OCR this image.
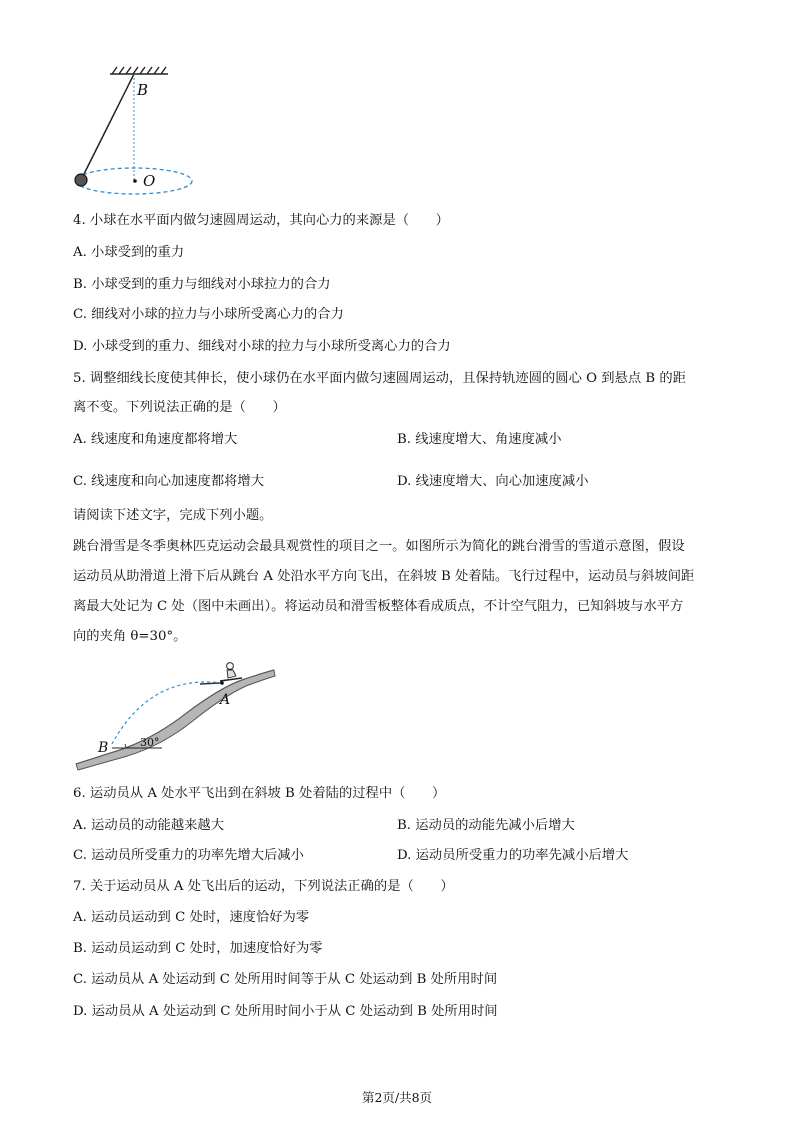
B
O
4. 小球在水平面内做匀速圆周运动，其向心力的来源是（　　）
A. 小球受到的重力
B. 小球受到的重力与细线对小球拉力的合力
C. 细线对小球的拉力与小球所受离心力的合力
D. 小球受到的重力、细线对小球的拉力与小球所受离心力的合力
5. 调整细线长度使其伸长，使小球仍在水平面内做匀速圆周运动，且保持轨迹圆的圆心 O 到悬点 B 的距
离不变。下列说法正确的是（　　）
A. 线速度和角速度都将增大	B. 线速度增大、角速度减小
C. 线速度和向心加速度都将增大	D. 线速度增大、向心加速度减小
请阅读下述文字，完成下列小题。
跳台滑雪是冬季奥林匹克运动会最具观赏性的项目之一。如图所示为简化的跳台滑雪的雪道示意图，假设
运动员从助滑道上滑下后从跳台 A 处沿水平方向飞出，在斜坡 B 处着陆。飞行过程中，运动员与斜坡间距
离最大处记为 C 处（图中未画出）。将运动员和滑雪板整体看成质点，不计空气阻力，已知斜坡与水平方
向的夹角 θ=30°。
A
B	30°
6. 运动员从 A 处水平飞出到在斜坡 B 处着陆的过程中（　　）
A. 运动员的动能越来越大	B. 运动员的动能先减小后增大
C. 运动员所受重力的功率先增大后减小	D. 运动员所受重力的功率先减小后增大
7. 关于运动员从 A 处飞出后的运动，下列说法正确的是（　　）
A. 运动员运动到 C 处时，速度恰好为零
B. 运动员运动到 C 处时，加速度恰好为零
C. 运动员从 A 处运动到 C 处所用时间等于从 C 处运动到 B 处所用时间
D. 运动员从 A 处运动到 C 处所用时间小于从 C 处运动到 B 处所用时间
第2页/共8页
